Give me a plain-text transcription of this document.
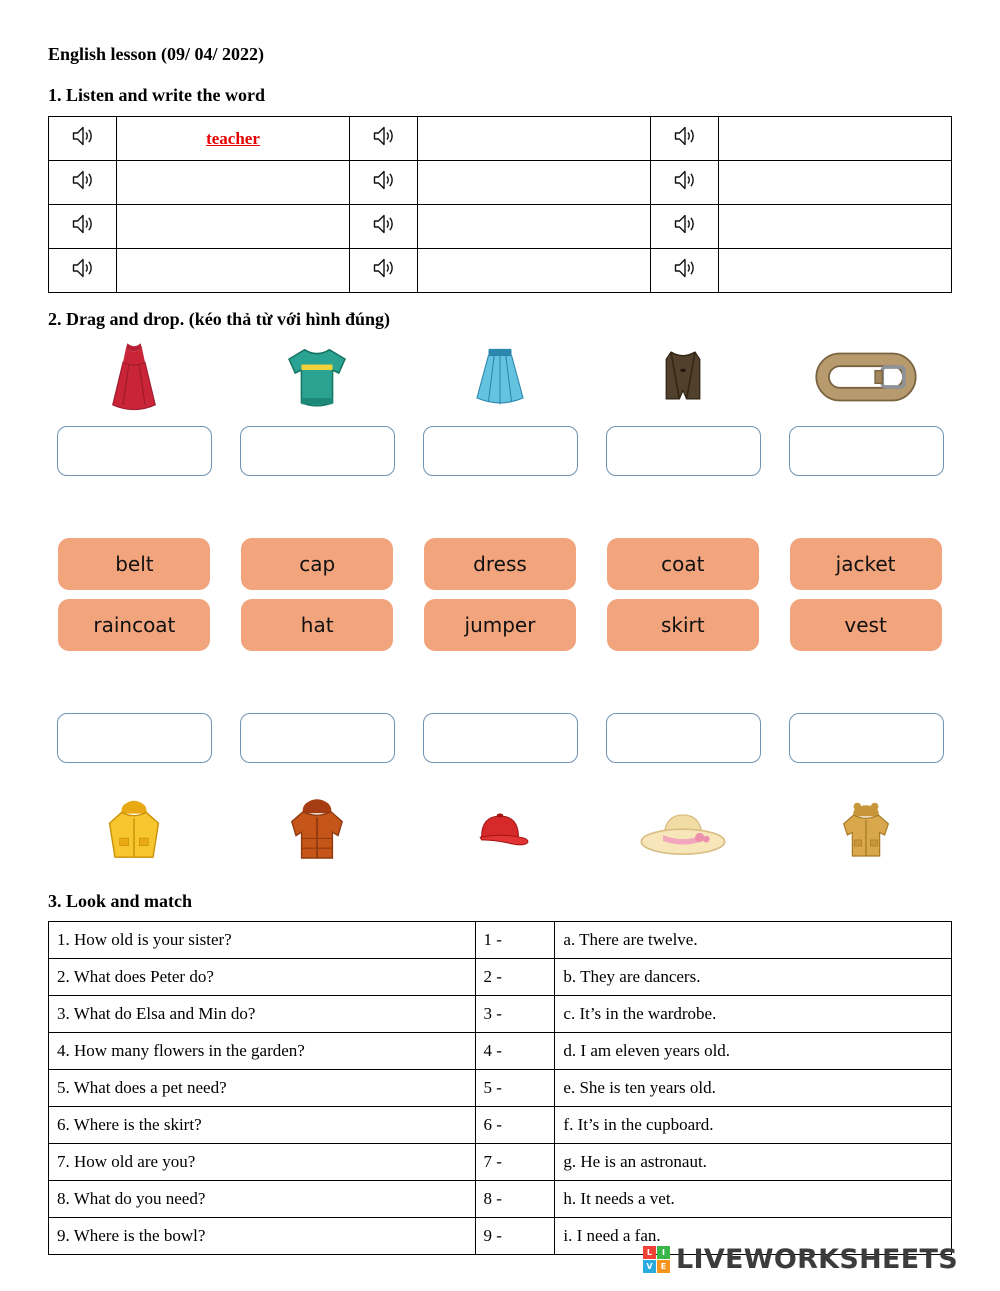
English lesson (09/ 04/ 2022)
1. Listen and write the word
	teacher				

2. Drag and drop. (kéo thả từ với hình đúng)
belt	cap	dress	coat	jacket
raincoat	hat	jumper	skirt	vest
3. Look and match
1. How old is your sister?	1 -	a. There are twelve.
2. What does Peter do?	2 -	b. They are dancers.
3. What do Elsa and Min do?	3 -	c. It’s in the wardrobe.
4. How many flowers in the garden?	4 -	d. I am eleven years old.
5. What does a pet need?	5 -	e. She is ten years old.
6. Where is the skirt?	6 -	f. It’s in the cupboard.
7. How old are you?	7 -	g. He is an astronaut.
8. What do you need?	8 -	h. It needs a vet.
9. Where is the bowl?	9 -	i. I need a fan.
L	I
V	E LIVEWORKSHEETS
